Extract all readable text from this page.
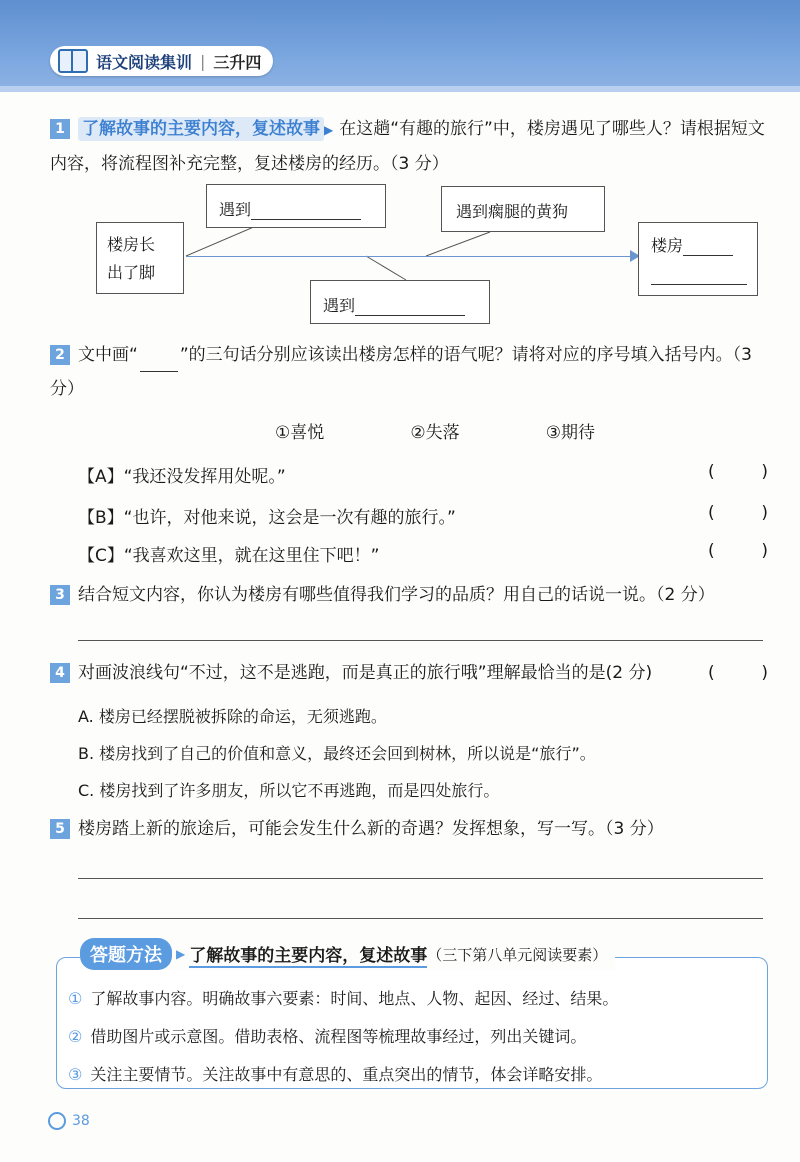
语文阅读集训 | 三升四
1 了解故事的主要内容，复述故事 ▶ 在这趟“有趣的旅行”中，楼房遇见了哪些人？请根据短文内容，将流程图补充完整，复述楼房的经历。（3 分）
楼房长
出了脚
遇到	遇到瘸腿的黄狗
遇到
楼房
2 文中画“ ”的三句话分别应该读出楼房怎样的语气呢？请将对应的序号填入括号内。（3 分）
①喜悦	②失落	③期待
【A】“我还没发挥用处呢。”	(	)
【B】“也许，对他来说，这会是一次有趣的旅行。”	(	)
【C】“我喜欢这里，就在这里住下吧！”	(	)
3 结合短文内容，你认为楼房有哪些值得我们学习的品质？用自己的话说一说。（2 分）
4 对画波浪线句“不过，这不是逃跑，而是真正的旅行哦”理解最恰当的是(2 分)	(	)
A. 楼房已经摆脱被拆除的命运，无须逃跑。
B. 楼房找到了自己的价值和意义，最终还会回到树林，所以说是“旅行”。
C. 楼房找到了许多朋友，所以它不再逃跑，而是四处旅行。
5 楼房踏上新的旅途后，可能会发生什么新的奇遇？发挥想象，写一写。（3 分）
答题方法	▶ 了解故事的主要内容，复述故事 （三下第八单元阅读要素）
① 了解故事内容。明确故事六要素：时间、地点、人物、起因、经过、结果。
② 借助图片或示意图。借助表格、流程图等梳理故事经过，列出关键词。
③ 关注主要情节。关注故事中有意思的、重点突出的情节，体会详略安排。
38
